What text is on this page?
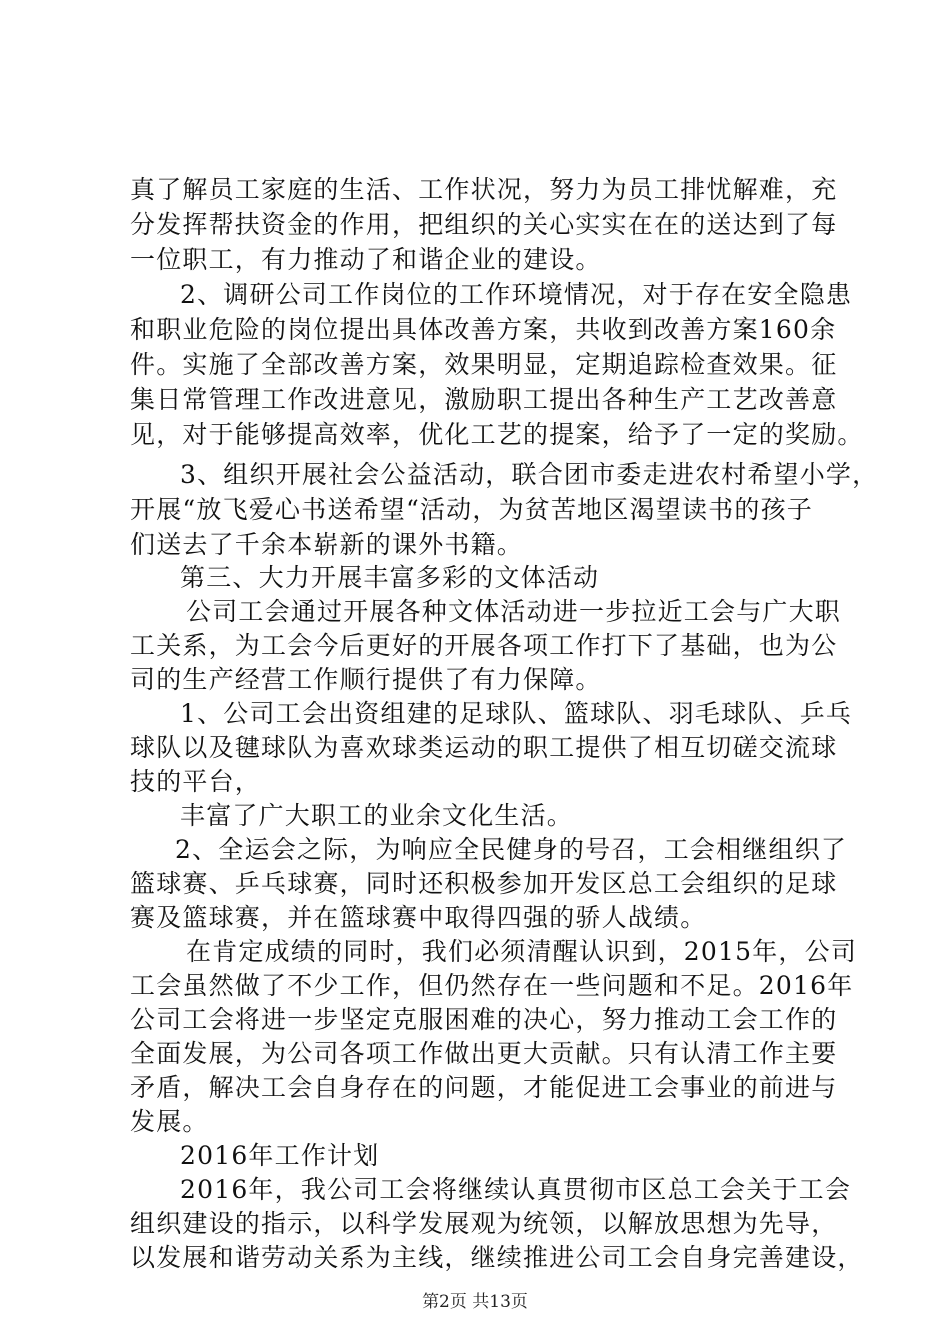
真了解员工家庭的生活、工作状况，努力为员工排忧解难，充
分发挥帮扶资金的作用，把组织的关心实实在在的送达到了每
一位职工，有力推动了和谐企业的建设。
2、调研公司工作岗位的工作环境情况，对于存在安全隐患
和职业危险的岗位提出具体改善方案，共收到改善方案160余
件。实施了全部改善方案，效果明显，定期追踪检查效果。征
集日常管理工作改进意见，激励职工提出各种生产工艺改善意
见，对于能够提高效率，优化工艺的提案，给予了一定的奖励。
3、组织开展社会公益活动，联合团市委走进农村希望小学，
开展“放飞爱心书送希望“活动，为贫苦地区渴望读书的孩子
们送去了千余本崭新的课外书籍。
第三、大力开展丰富多彩的文体活动
公司工会通过开展各种文体活动进一步拉近工会与广大职
工关系，为工会今后更好的开展各项工作打下了基础，也为公
司的生产经营工作顺行提供了有力保障。
1、公司工会出资组建的足球队、篮球队、羽毛球队、乒乓
球队以及毽球队为喜欢球类运动的职工提供了相互切磋交流球
技的平台，
丰富了广大职工的业余文化生活。
2、全运会之际，为响应全民健身的号召，工会相继组织了
篮球赛、乒乓球赛，同时还积极参加开发区总工会组织的足球
赛及篮球赛，并在篮球赛中取得四强的骄人战绩。
在肯定成绩的同时，我们必须清醒认识到，2015年，公司
工会虽然做了不少工作，但仍然存在一些问题和不足。2016年
公司工会将进一步坚定克服困难的决心，努力推动工会工作的
全面发展，为公司各项工作做出更大贡献。只有认清工作主要
矛盾，解决工会自身存在的问题，才能促进工会事业的前进与
发展。
2016年工作计划
2016年，我公司工会将继续认真贯彻市区总工会关于工会
组织建设的指示，以科学发展观为统领，以解放思想为先导，
以发展和谐劳动关系为主线，继续推进公司工会自身完善建设，
第2页 共13页
